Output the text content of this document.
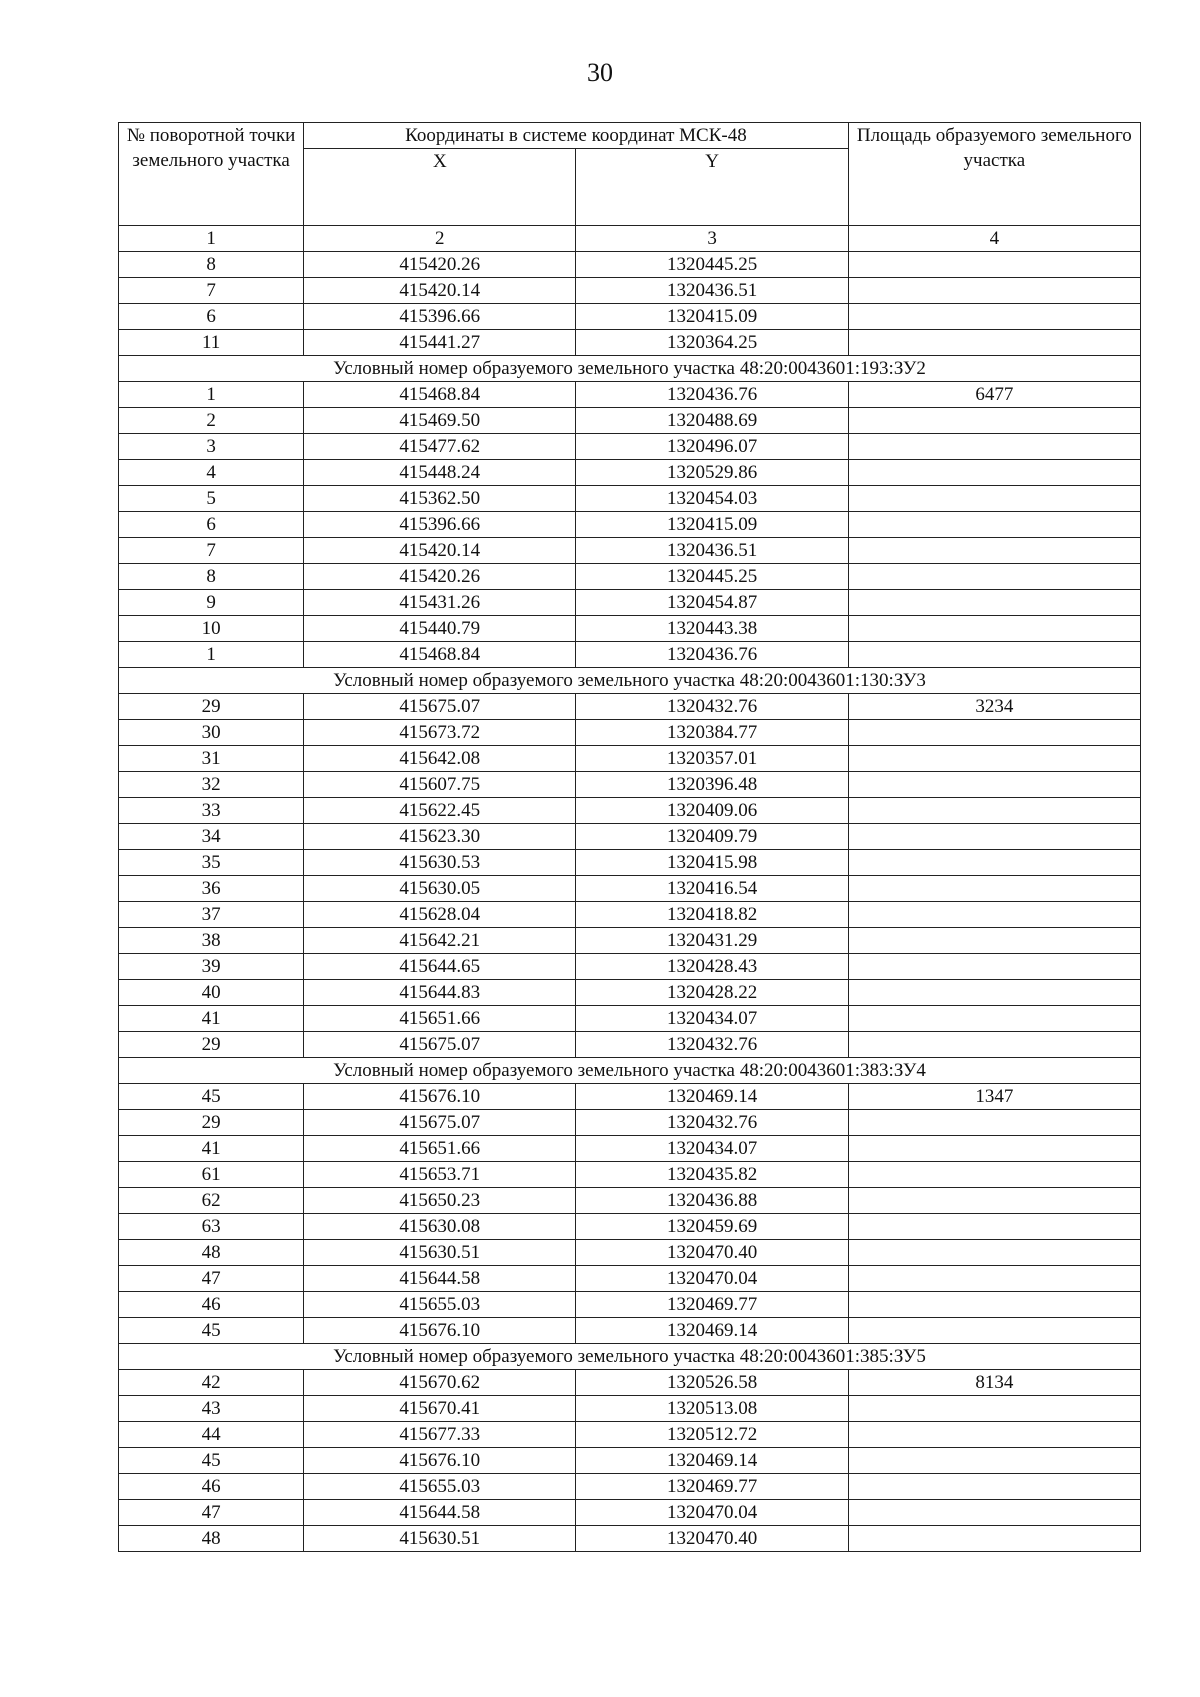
30
№ поворотной точки земельного участка	Координаты в системе координат МСК-48		Площадь образуемого земельного участка
	X	Y	
1	2	3	4
8	415420.26	1320445.25	
7	415420.14	1320436.51	
6	415396.66	1320415.09	
11	415441.27	1320364.25	
Условный номер образуемого земельного участка 48:20:0043601:193:ЗУ2			
1	415468.84	1320436.76	6477
2	415469.50	1320488.69	
3	415477.62	1320496.07	
4	415448.24	1320529.86	
5	415362.50	1320454.03	
6	415396.66	1320415.09	
7	415420.14	1320436.51	
8	415420.26	1320445.25	
9	415431.26	1320454.87	
10	415440.79	1320443.38	
1	415468.84	1320436.76	
Условный номер образуемого земельного участка 48:20:0043601:130:ЗУ3			
29	415675.07	1320432.76	3234
30	415673.72	1320384.77	
31	415642.08	1320357.01	
32	415607.75	1320396.48	
33	415622.45	1320409.06	
34	415623.30	1320409.79	
35	415630.53	1320415.98	
36	415630.05	1320416.54	
37	415628.04	1320418.82	
38	415642.21	1320431.29	
39	415644.65	1320428.43	
40	415644.83	1320428.22	
41	415651.66	1320434.07	
29	415675.07	1320432.76	
Условный номер образуемого земельного участка 48:20:0043601:383:ЗУ4			
45	415676.10	1320469.14	1347
29	415675.07	1320432.76	
41	415651.66	1320434.07	
61	415653.71	1320435.82	
62	415650.23	1320436.88	
63	415630.08	1320459.69	
48	415630.51	1320470.40	
47	415644.58	1320470.04	
46	415655.03	1320469.77	
45	415676.10	1320469.14	
Условный номер образуемого земельного участка 48:20:0043601:385:ЗУ5			
42	415670.62	1320526.58	8134
43	415670.41	1320513.08	
44	415677.33	1320512.72	
45	415676.10	1320469.14	
46	415655.03	1320469.77	
47	415644.58	1320470.04	
48	415630.51	1320470.40	
